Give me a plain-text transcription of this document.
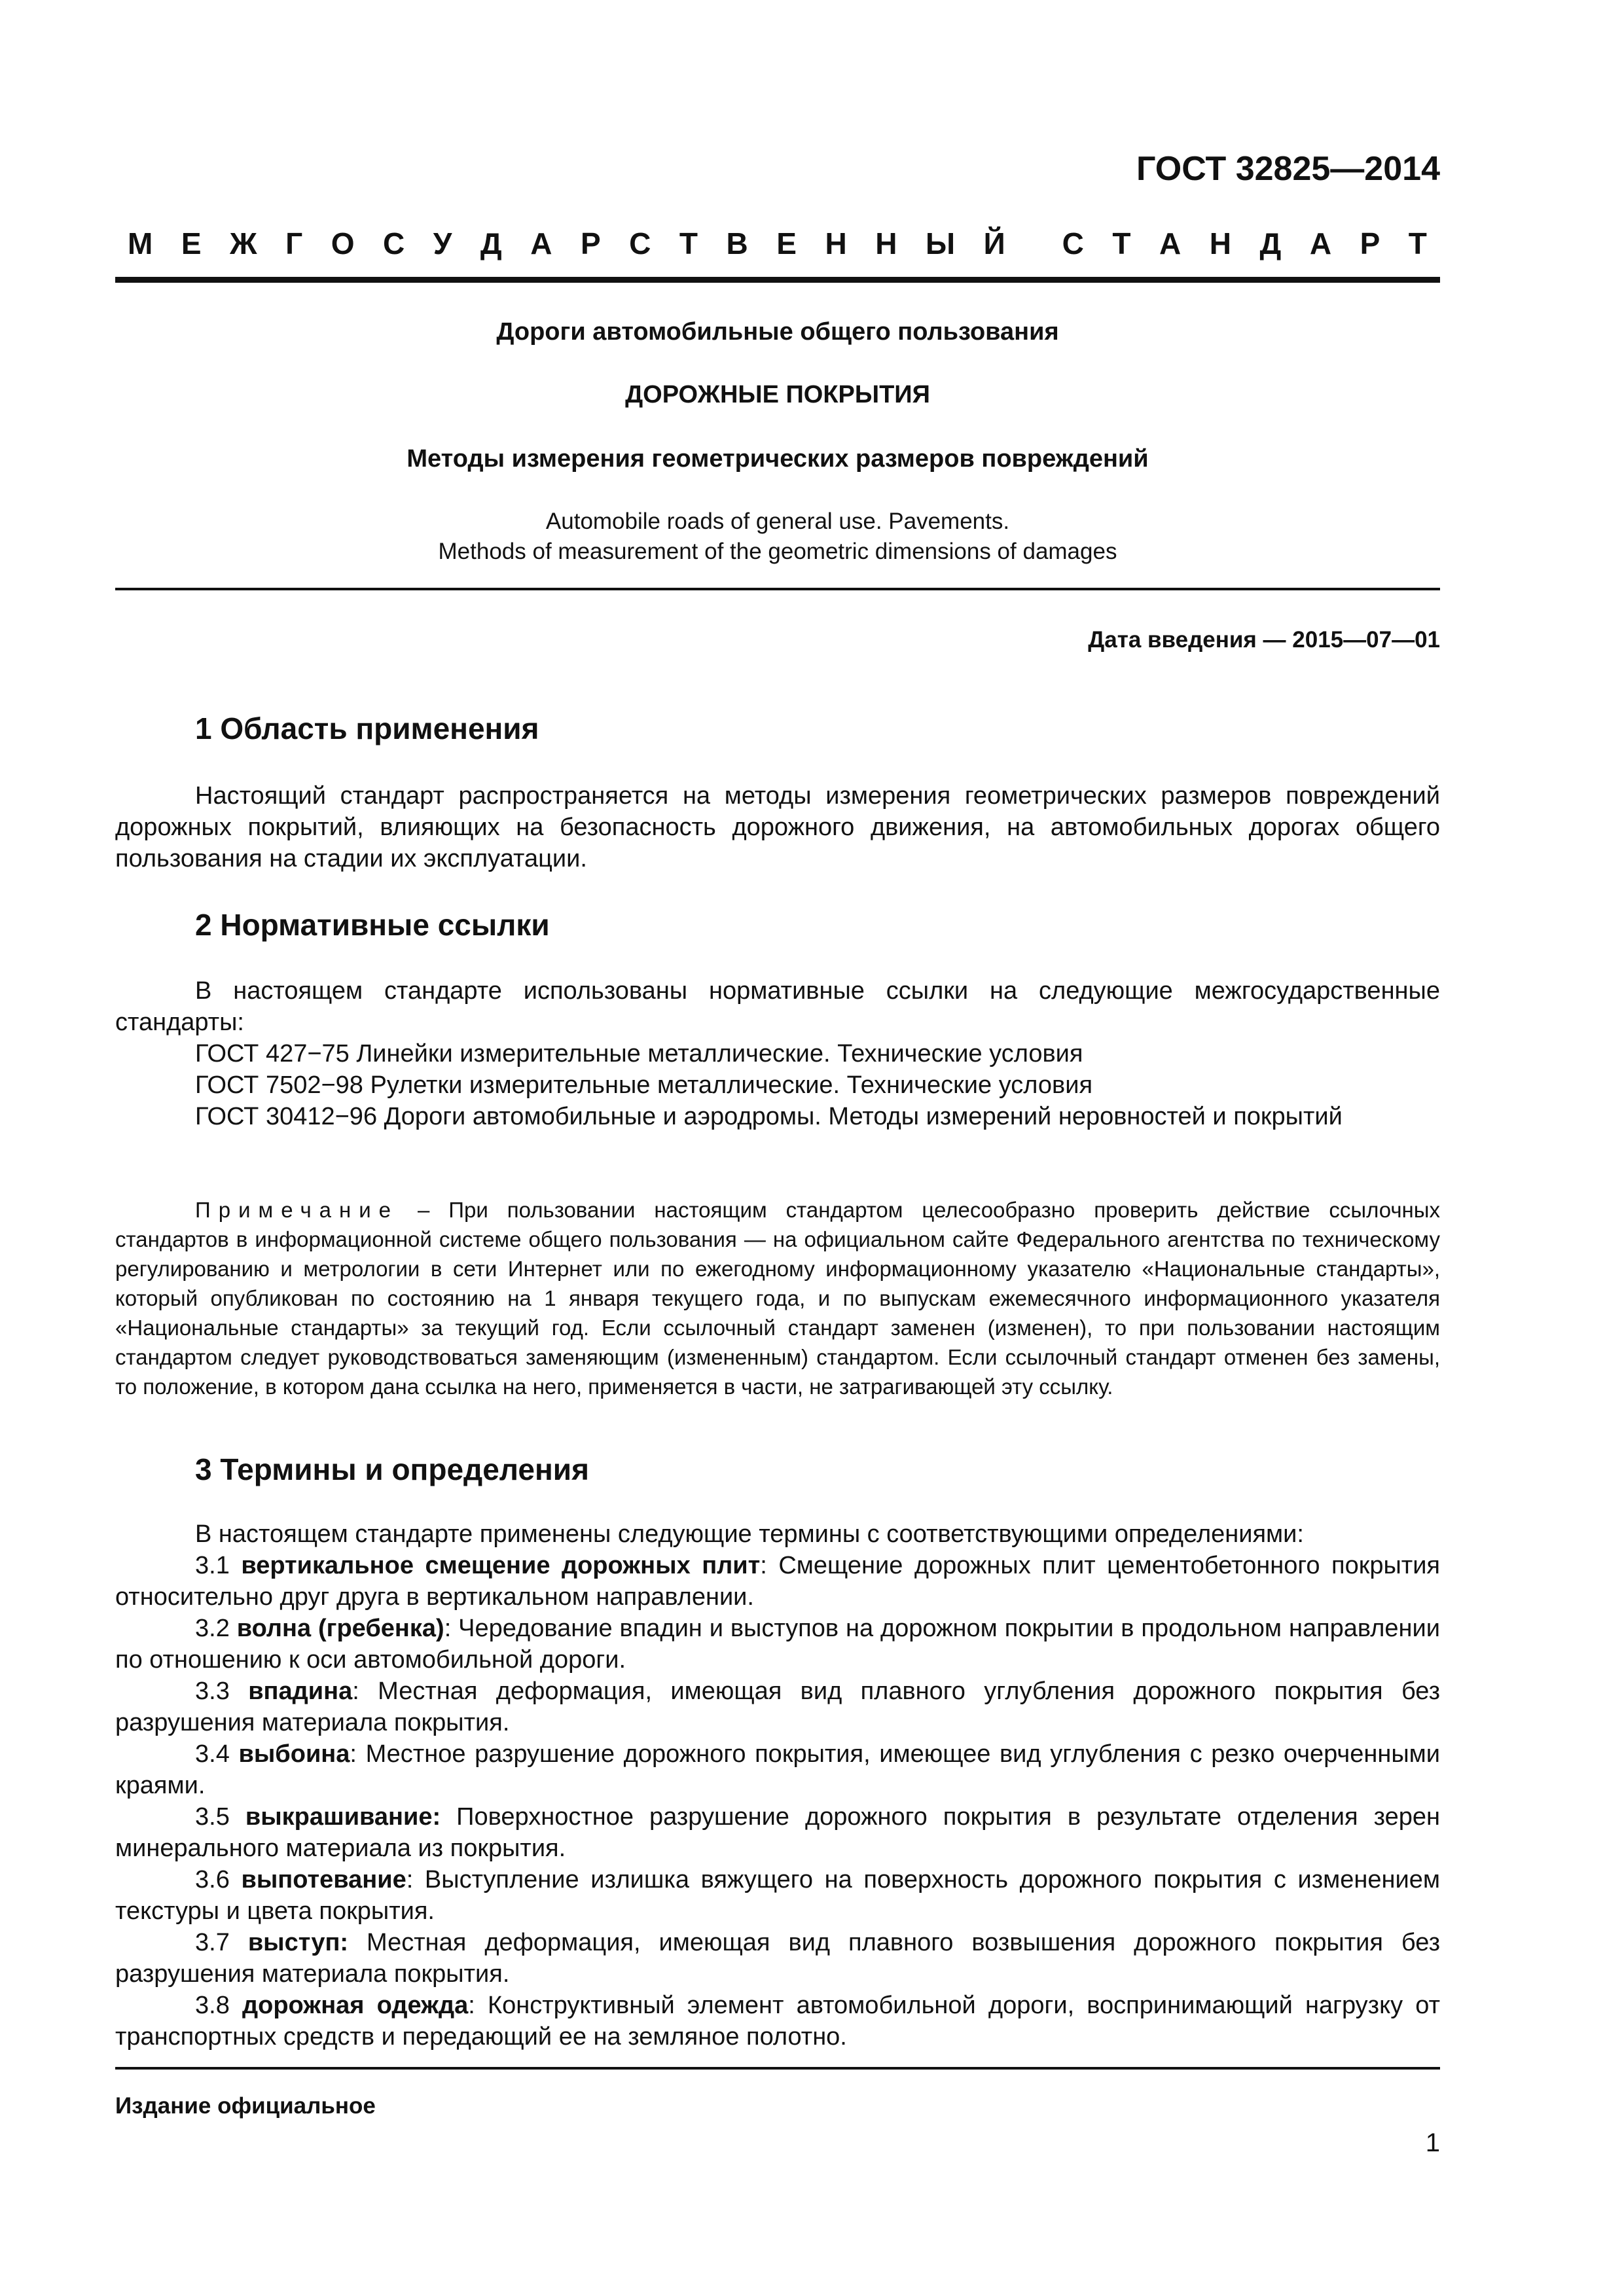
ГОСТ 32825—2014
М Е Ж Г О С У Д А Р С Т В Е Н Н Ы Й С Т А Н Д А Р Т
Дороги автомобильные общего пользования
ДОРОЖНЫЕ ПОКРЫТИЯ
Методы измерения геометрических размеров повреждений
Automobile roads of general use. Pavements.
Methods of measurement of the geometric dimensions of damages
Дата введения — 2015—07—01
1 Область применения

Настоящий стандарт распространяется на методы измерения геометрических размеров повреждений дорожных покрытий, влияющих на безопасность дорожного движения, на автомобильных дорогах общего пользования на стадии их эксплуатации.

2 Нормативные ссылки

В настоящем стандарте использованы нормативные ссылки на следующие межгосударственные стандарты:

ГОСТ 427−75 Линейки измерительные металлические. Технические условия

ГОСТ 7502−98 Рулетки измерительные металлические. Технические условия

ГОСТ 30412−96 Дороги автомобильные и аэродромы. Методы измерений неровностей и покрытий

Примечание – При пользовании настоящим стандартом целесообразно проверить действие ссылочных стандартов в информационной системе общего пользования — на официальном сайте Федерального агентства по техническому регулированию и метрологии в сети Интернет или по ежегодному информационному указателю «Национальные стандарты», который опубликован по состоянию на 1 января текущего года, и по выпускам ежемесячного информационного указателя «Национальные стандарты» за текущий год. Если ссылочный стандарт заменен (изменен), то при пользовании настоящим стандартом следует руководствоваться заменяющим (измененным) стандартом. Если ссылочный стандарт отменен без замены, то положение, в котором дана ссылка на него, применяется в части, не затрагивающей эту ссылку.
3 Термины и определения

В настоящем стандарте применены следующие термины с соответствующими определениями:

3.1 вертикальное смещение дорожных плит: Смещение дорожных плит цементобетонного покрытия относительно друг друга в вертикальном направлении.

3.2 волна (гребенка): Чередование впадин и выступов на дорожном покрытии в продольном направлении по отношению к оси автомобильной дороги.

3.3 впадина: Местная деформация, имеющая вид плавного углубления дорожного покрытия без разрушения материала покрытия.

3.4 выбоина: Местное разрушение дорожного покрытия, имеющее вид углубления с резко очерченными краями.

3.5 выкрашивание: Поверхностное разрушение дорожного покрытия в результате отделения зерен минерального материала из покрытия.

3.6 выпотевание: Выступление излишка вяжущего на поверхность дорожного покрытия с изменением текстуры и цвета покрытия.

3.7 выступ: Местная деформация, имеющая вид плавного возвышения дорожного покрытия без разрушения материала покрытия.

3.8 дорожная одежда: Конструктивный элемент автомобильной дороги, воспринимающий нагрузку от транспортных средств и передающий ее на земляное полотно.

Издание официальное
1
